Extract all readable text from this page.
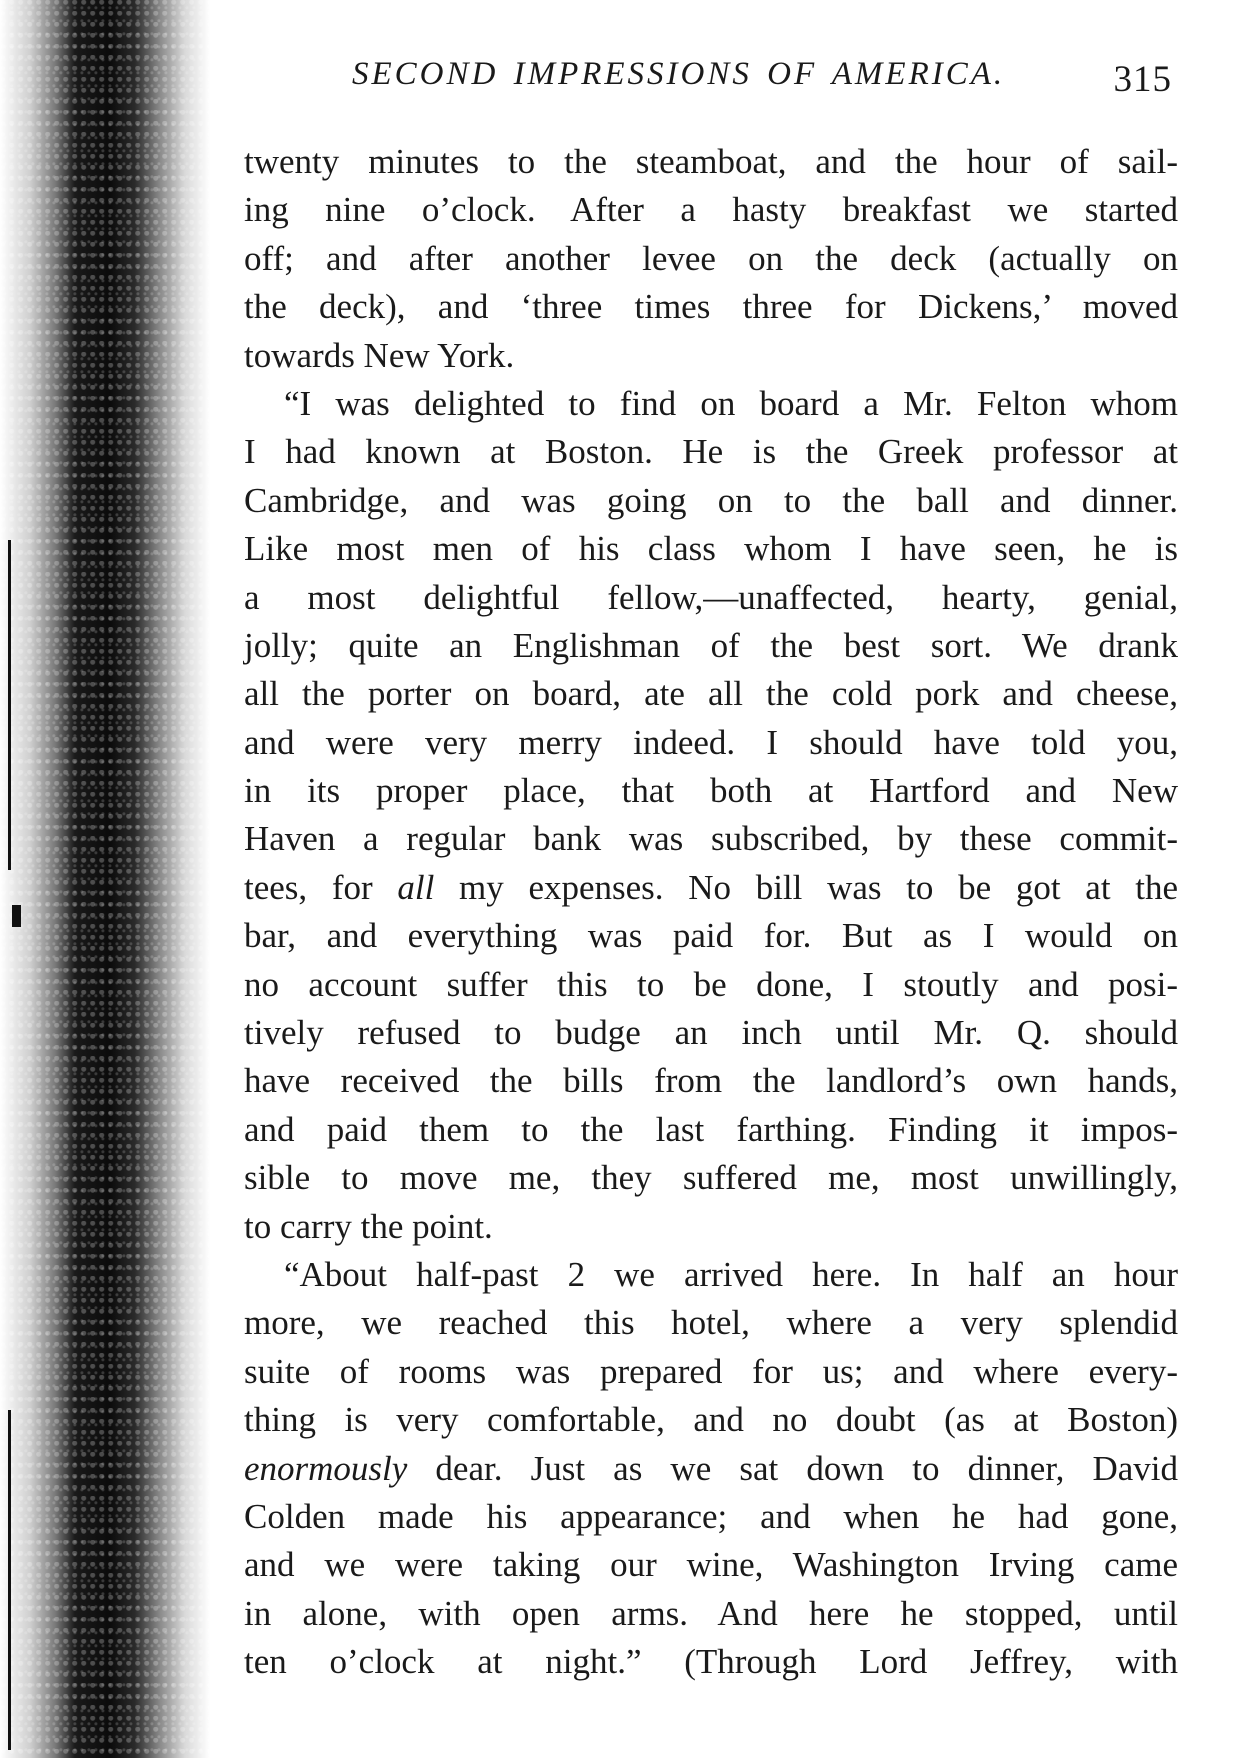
SECOND IMPRESSIONS OF AMERICA.	315
twenty minutes to the steamboat, and the hour of sail-
ing nine o’clock. After a hasty breakfast we started
off; and after another levee on the deck (actually on
the deck), and ‘three times three for Dickens,’ moved
towards New York.
“I was delighted to find on board a Mr. Felton whom
I had known at Boston. He is the Greek professor at
Cambridge, and was going on to the ball and dinner.
Like most men of his class whom I have seen, he is
a most delightful fellow,—unaffected, hearty, genial,
jolly; quite an Englishman of the best sort. We drank
all the porter on board, ate all the cold pork and cheese,
and were very merry indeed. I should have told you,
in its proper place, that both at Hartford and New
Haven a regular bank was subscribed, by these commit-
tees, for all my expenses. No bill was to be got at the
bar, and everything was paid for. But as I would on
no account suffer this to be done, I stoutly and posi-
tively refused to budge an inch until Mr. Q. should
have received the bills from the landlord’s own hands,
and paid them to the last farthing. Finding it impos-
sible to move me, they suffered me, most unwillingly,
to carry the point.
“About half-past 2 we arrived here. In half an hour
more, we reached this hotel, where a very splendid
suite of rooms was prepared for us; and where every-
thing is very comfortable, and no doubt (as at Boston)
enormously dear. Just as we sat down to dinner, David
Colden made his appearance; and when he had gone,
and we were taking our wine, Washington Irving came
in alone, with open arms. And here he stopped, until
ten o’clock at night.” (Through Lord Jeffrey, with
